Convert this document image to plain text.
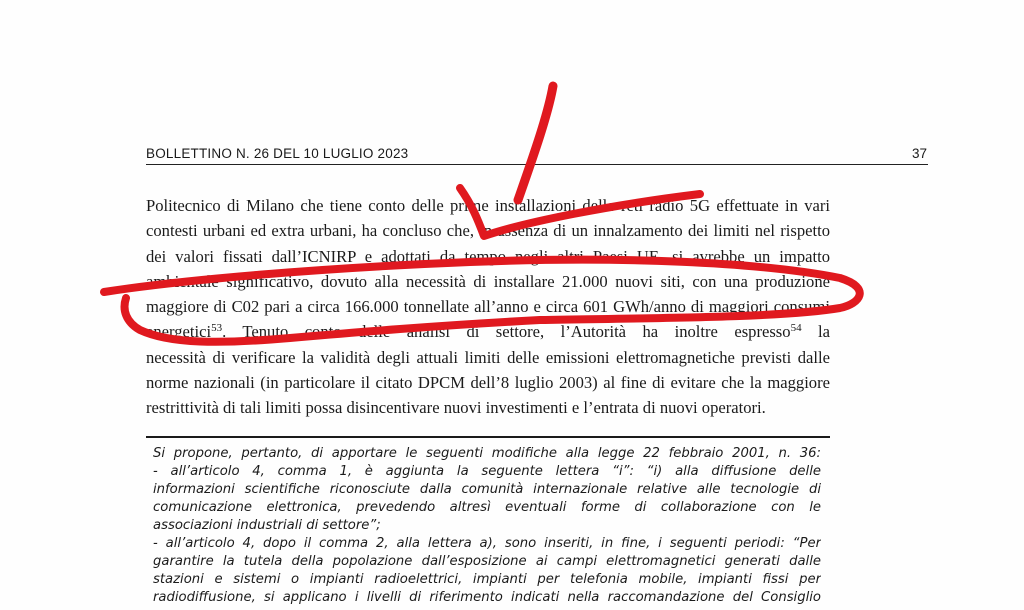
BOLLETTINO N. 26 DEL 10 LUGLIO 2023	37
Politecnico di Milano che tiene conto delle prime installazioni delle reti radio 5G effettuate in vari
contesti urbani ed extra urbani, ha concluso che, in assenza di un innalzamento dei limiti nel rispetto
dei valori fissati dall’ICNIRP e adottati da tempo negli altri Paesi UE, si avrebbe un impatto
ambientale significativo, dovuto alla necessità di installare 21.000 nuovi siti, con una produzione
maggiore di C02 pari a circa 166.000 tonnellate all’anno e circa 601 GWh/anno di maggiori consumi
energetici$^{53}$. Tenuto conto delle analisi di settore, l’Autorità ha inoltre espresso$^{54}$ la
necessità di verificare la validità degli attuali limiti delle emissioni elettromagnetiche previsti dalle
norme nazionali (in particolare il citato DPCM dell’8 luglio 2003) al fine di evitare che la maggiore
restrittività di tali limiti possa disincentivare nuovi investimenti e l’entrata di nuovi operatori.
Si propone, pertanto, di apportare le seguenti modifiche alla legge 22 febbraio 2001, n. 36:
- all’articolo 4, comma 1, è aggiunta la seguente lettera “i”: “i) alla diffusione delle
informazioni scientifiche riconosciute dalla comunità internazionale relative alle tecnologie di
comunicazione elettronica, prevedendo altresì eventuali forme di collaborazione con le
associazioni industriali di settore”;
- all’articolo 4, dopo il comma 2, alla lettera a), sono inseriti, in fine, i seguenti periodi: “Per
garantire la tutela della popolazione dall’esposizione ai campi elettromagnetici generati dalle
stazioni e sistemi o impianti radioelettrici, impianti per telefonia mobile, impianti fissi per
radiodiffusione, si applicano i livelli di riferimento indicati nella raccomandazione del Consiglio
